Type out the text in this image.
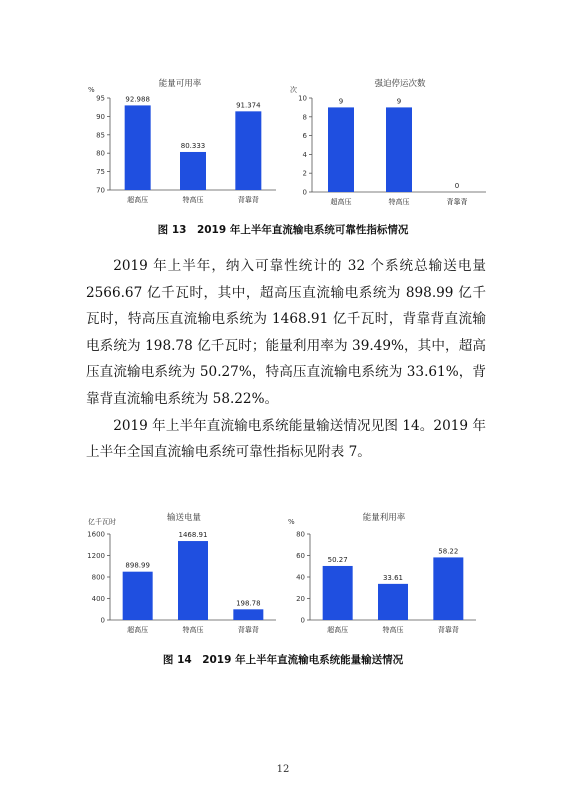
能量可用率
%
70
75
80
85
90
95	92.988
超高压
80.333
特高压
91.374
背靠背
强迫停运次数
次
0
2
4
6
8
10	9
超高压
9
特高压
0
背靠背
图 13　2019 年上半年直流输电系统可靠性指标情况

2019 年上半年，纳入可靠性统计的 32 个系统总输送电量 2566.67 亿千瓦时，其中，超高压直流输电系统为 898.99 亿千瓦时，特高压直流输电系统为 1468.91 亿千瓦时，背靠背直流输电系统为 198.78 亿千瓦时；能量利用率为 39.49%，其中，超高压直流输电系统为 50.27%，特高压直流输电系统为 33.61%，背靠背直流输电系统为 58.22%。

2019 年上半年直流输电系统能量输送情况见图 14。2019 年上半年全国直流输电系统可靠性指标见附表 7。

输送电量
亿千瓦时
0
400
800
1200
1600
898.99
超高压
1468.91
特高压
198.78
背靠背
能量利用率
%
0
20
40
60
80
50.27
超高压
33.61
特高压
58.22
背靠背
图 14　2019 年上半年直流输电系统能量输送情况
12
